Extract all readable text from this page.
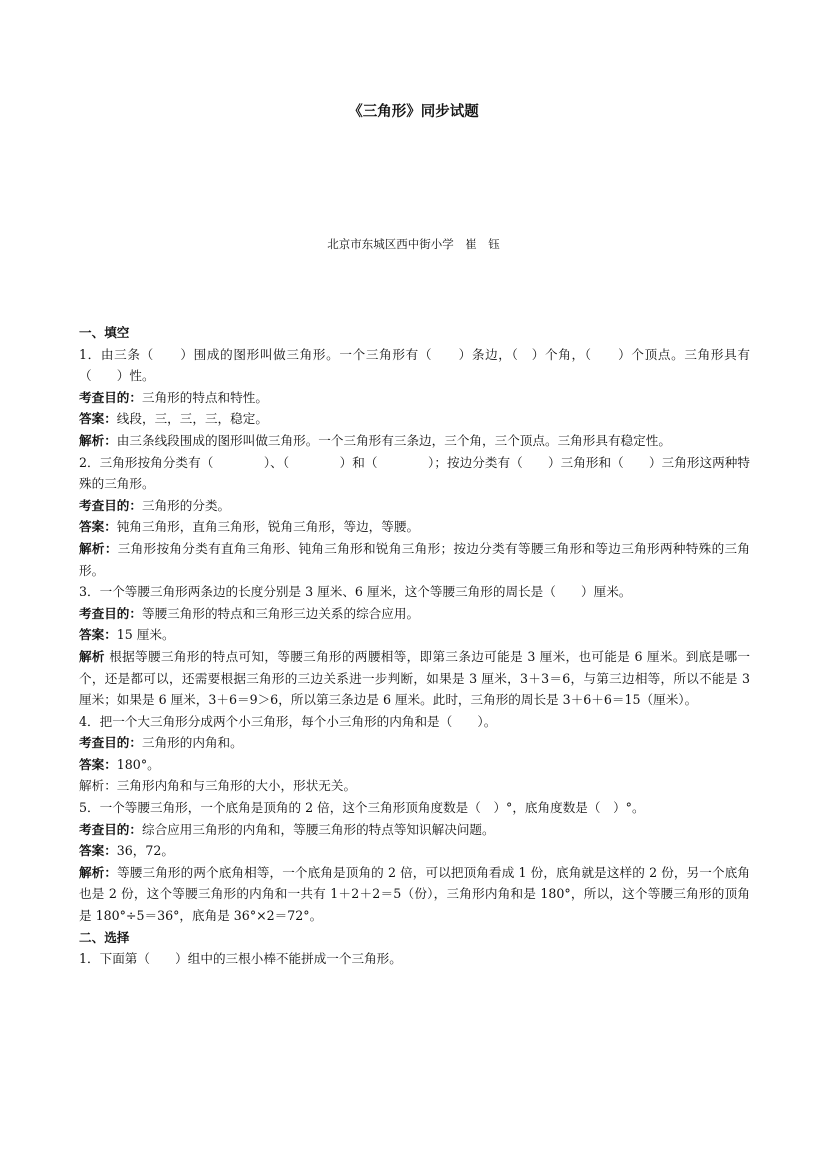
《三角形》同步试题
北京市东城区西中街小学　崔　钰

一、填空

1．由三条（　　）围成的图形叫做三角形。一个三角形有（　　）条边，（　）个角，（　　）个顶点。三角形具有（　　）性。

考查目的：三角形的特点和特性。

答案：线段，三，三，三，稳定。

解析：由三条线段围成的图形叫做三角形。一个三角形有三条边，三个角，三个顶点。三角形具有稳定性。

2．三角形按角分类有（　　　　）、（　　　　）和（　　　　）；按边分类有（　　）三角形和（　　）三角形这两种特殊的三角形。

考查目的：三角形的分类。

答案：钝角三角形，直角三角形，锐角三角形，等边，等腰。

解析：三角形按角分类有直角三角形、钝角三角形和锐角三角形；按边分类有等腰三角形和等边三角形两种特殊的三角形。

3．一个等腰三角形两条边的长度分别是 3 厘米、6 厘米，这个等腰三角形的周长是（　　）厘米。

考查目的：等腰三角形的特点和三角形三边关系的综合应用。

答案：15 厘米。

解析 根据等腰三角形的特点可知，等腰三角形的两腰相等，即第三条边可能是 3 厘米，也可能是 6 厘米。到底是哪一个，还是都可以，还需要根据三角形的三边关系进一步判断，如果是 3 厘米，3＋3＝6，与第三边相等，所以不能是 3 厘米；如果是 6 厘米，3＋6＝9＞6，所以第三条边是 6 厘米。此时，三角形的周长是 3＋6＋6＝15（厘米）。

4．把一个大三角形分成两个小三角形，每个小三角形的内角和是（　　）。

考查目的：三角形的内角和。

答案：180°。

解析：三角形内角和与三角形的大小，形状无关。

5．一个等腰三角形，一个底角是顶角的 2 倍，这个三角形顶角度数是（　）°，底角度数是（　）°。

考查目的：综合应用三角形的内角和，等腰三角形的特点等知识解决问题。

答案：36，72。

解析：等腰三角形的两个底角相等，一个底角是顶角的 2 倍，可以把顶角看成 1 份，底角就是这样的 2 份，另一个底角也是 2 份，这个等腰三角形的内角和一共有 1＋2＋2＝5（份），三角形内角和是 180°，所以，这个等腰三角形的顶角是 180°÷5＝36°，底角是 36°×2＝72°。

二、选择

1．下面第（　　）组中的三根小棒不能拼成一个三角形。
